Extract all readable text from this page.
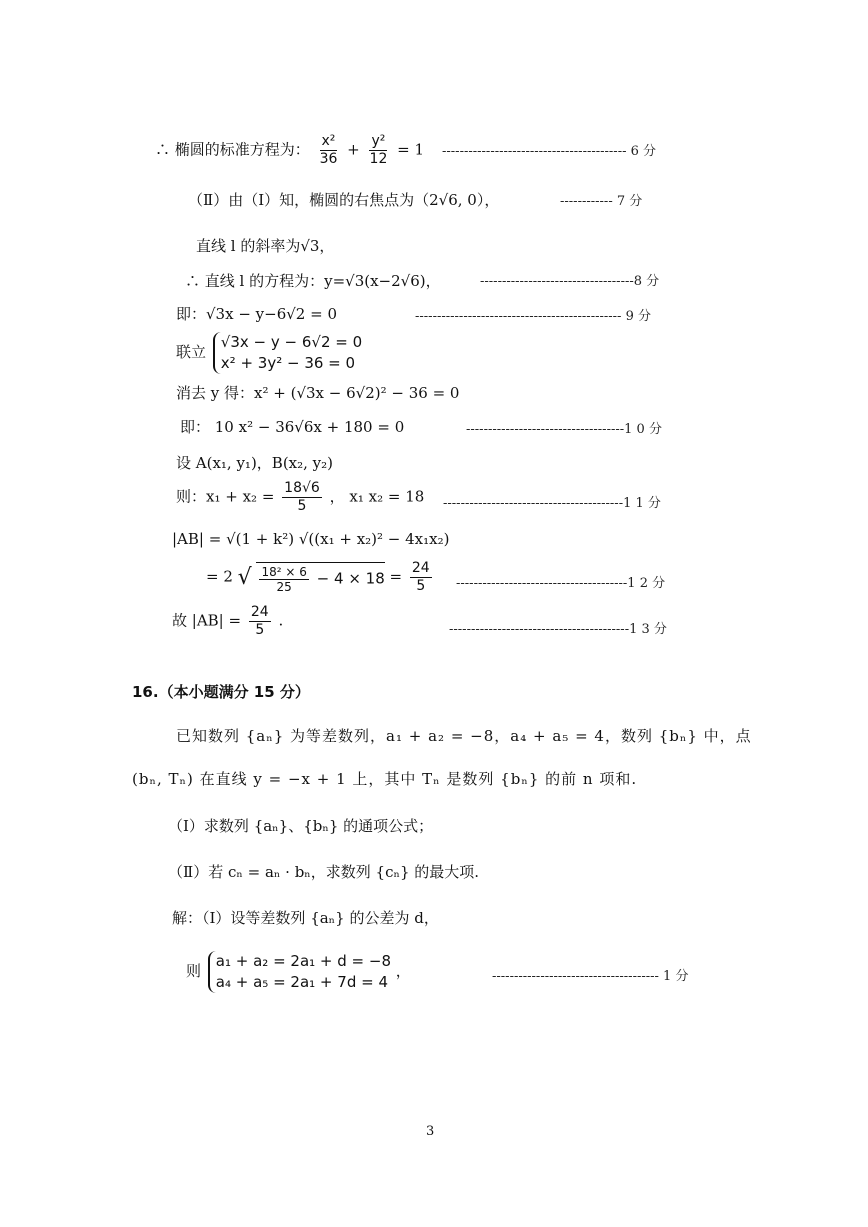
∴ 椭圆的标准方程为： $\frac{\text{x²}}{36} + \frac{\text{y²}}{12} = 1$ ------------------------------------------ 6 分
（Ⅱ）由（Ⅰ）知，椭圆的右焦点为（2√6, 0），	------------ 7 分
直线 l 的斜率为√3，
∴ 直线 l 的方程为：y=√3(x−2√6)，	-----------------------------------8 分
即：√3x − y−6√2 = 0	----------------------------------------------- 9 分
联立
√3x − y − 6√2 = 0
x² + 3y² − 36 = 0
消去 y 得：x² + (√3x − 6√2)² − 36 = 0
即： 10 x² − 36√6x + 180 = 0	------------------------------------1 0 分
设 A(x₁, y₁)，B(x₂, y₂)
则：$x_1 + x_2 = \frac{18√6}{5}$ ， x₁ x₂ = 18 -----------------------------------------1 1 分
|AB| = √(1 + k²) √((x₁ + x₂)² − 4x₁x₂)
= 2 √ $\frac{\text{18² × 6}}{25} - 4 \times 18 = \frac{24}{5} ---------------------------------------1$ 2 分
故 $|AB| = \frac{24}{5}$ .	-----------------------------------------1 3 分
16.（本小题满分 15 分）
已知数列 {aₙ} 为等差数列，a₁ + a₂ = −8，a₄ + a₅ = 4，数列 {bₙ} 中，点
(bₙ, Tₙ) 在直线 y = −x + 1 上，其中 Tₙ 是数列 {bₙ} 的前 n 项和.
（Ⅰ）求数列 {aₙ}、{bₙ} 的通项公式；
（Ⅱ）若 cₙ = aₙ · bₙ，求数列 {cₙ} 的最大项.
解：（Ⅰ）设等差数列 {aₙ} 的公差为 d，
则
a₁ + a₂ = 2a₁ + d = −8
a₄ + a₅ = 2a₁ + 7d = 4
，	-------------------------------------- 1 分
3
